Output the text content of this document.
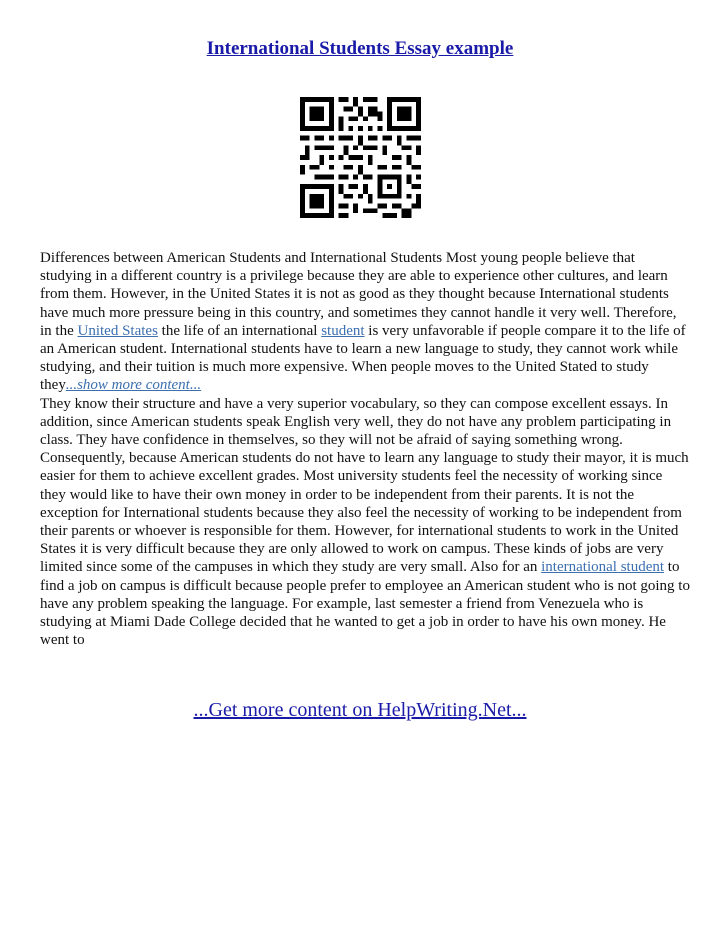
International Students Essay example

Differences between American Students and International Students Most young people believe that studying in a different country is a privilege because they are able to experience other cultures, and learn from them. However, in the United States it is not as good as they thought because International students have much more pressure being in this country, and sometimes they cannot handle it very well. Therefore, in the United States the life of an international student is very unfavorable if people compare it to the life of an American student. International students have to learn a new language to study, they cannot work while studying, and their tuition is much more expensive. When people moves to the United Stated to study they...show more content...

They know their structure and have a very superior vocabulary, so they can compose excellent essays. In addition, since American students speak English very well, they do not have any problem participating in class. They have confidence in themselves, so they will not be afraid of saying something wrong. Consequently, because American students do not have to learn any language to study their mayor, it is much easier for them to achieve excellent grades. Most university students feel the necessity of working since they would like to have their own money in order to be independent from their parents. It is not the exception for International students because they also feel the necessity of working to be independent from their parents or whoever is responsible for them. However, for international students to work in the United States it is very difficult because they are only allowed to work on campus. These kinds of jobs are very limited since some of the campuses in which they study are very small. Also for an international student to find a job on campus is difficult because people prefer to employee an American student who is not going to have any problem speaking the language. For example, last semester a friend from Venezuela who is studying at Miami Dade College decided that he wanted to get a job in order to have his own money. He went to

...Get more content on HelpWriting.Net...
